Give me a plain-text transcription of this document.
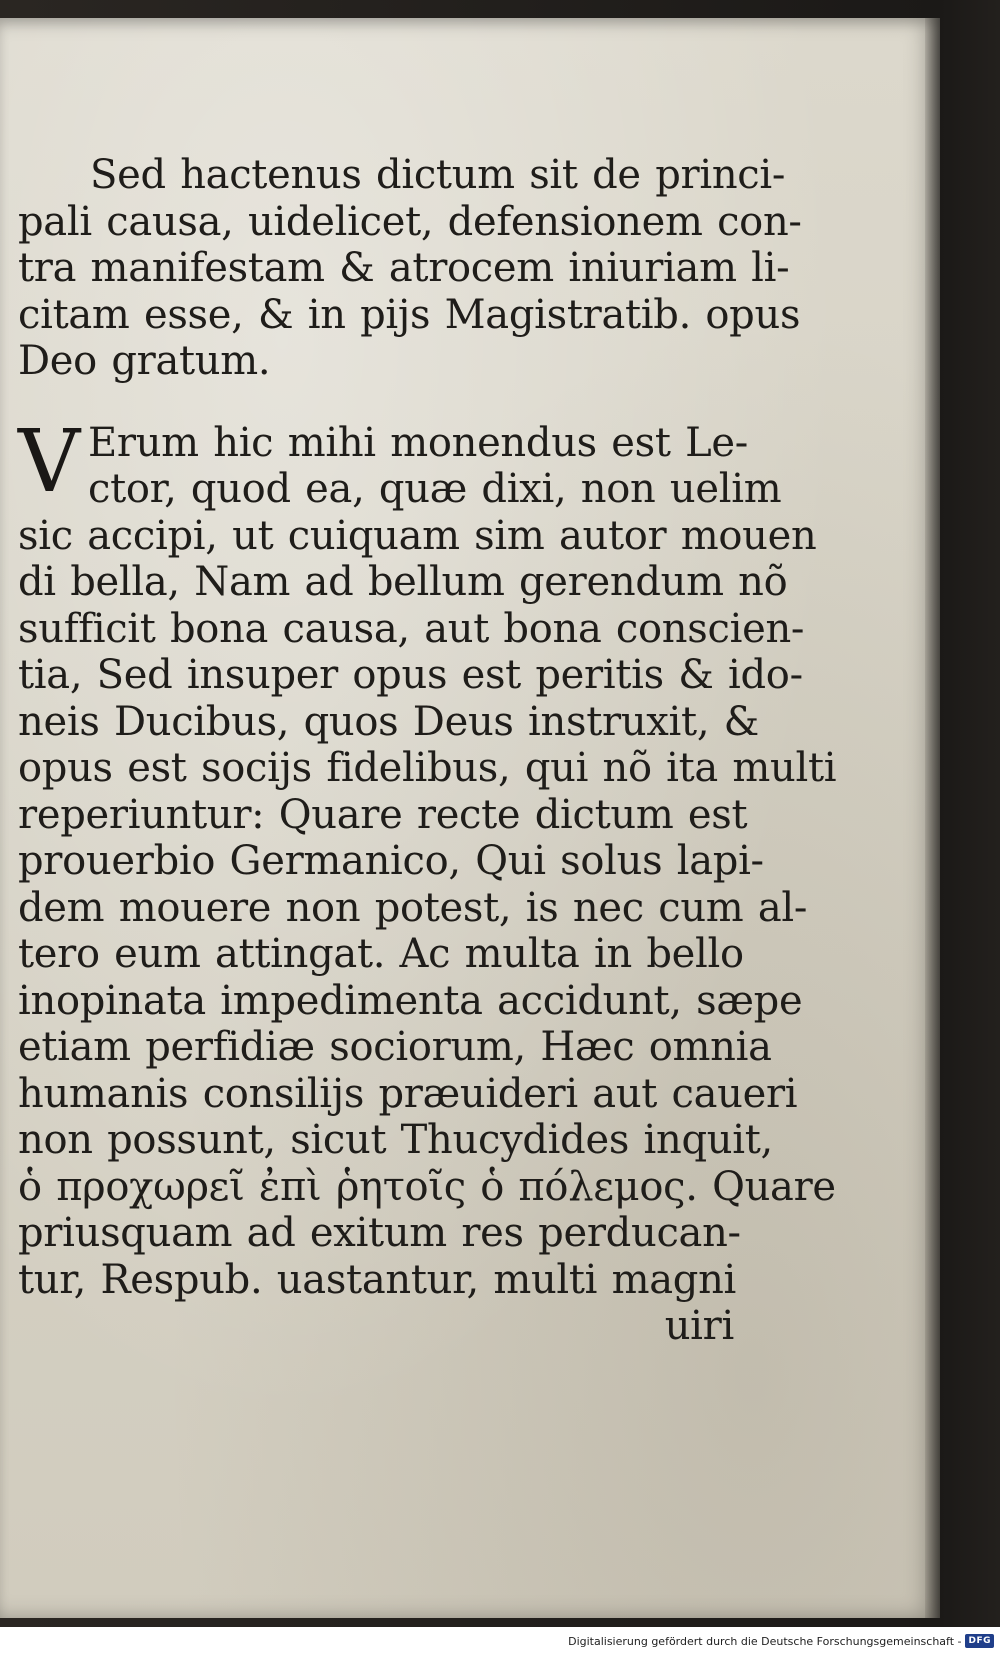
Sed hactenus dictum sit de princi-
pali causa, uidelicet, defensionem con-
tra manifestam & atrocem iniuriam li-
citam esse, & in pijs Magistratib. opus
Deo gratum.
V Erum hic mihi monendus est Le-
ctor, quod ea, quæ dixi, non uelim
sic accipi, ut cuiquam sim autor mouen
di bella, Nam ad bellum gerendum nõ
sufficit bona causa, aut bona conscien-
tia, Sed insuper opus est peritis & ido-
neis Ducibus, quos Deus instruxit, &
opus est socijs fidelibus, qui nõ ita multi
reperiuntur: Quare recte dictum est
prouerbio Germanico, Qui solus lapi-
dem mouere non potest, is nec cum al-
tero eum attingat. Ac multa in bello
inopinata impedimenta accidunt, sæpe
etiam perfidiæ sociorum, Hæc omnia
humanis consilijs præuideri aut caueri
non possunt, sicut Thucydides inquit,
ὁ προχωρεῖ ἐπὶ ῥητοῖς ὁ πόλεμος. Quare
priusquam ad exitum res perducan-
tur, Respub. uastantur, multi magni
uiri
Digitalisierung gefördert durch die Deutsche Forschungsgemeinschaft - DFG
